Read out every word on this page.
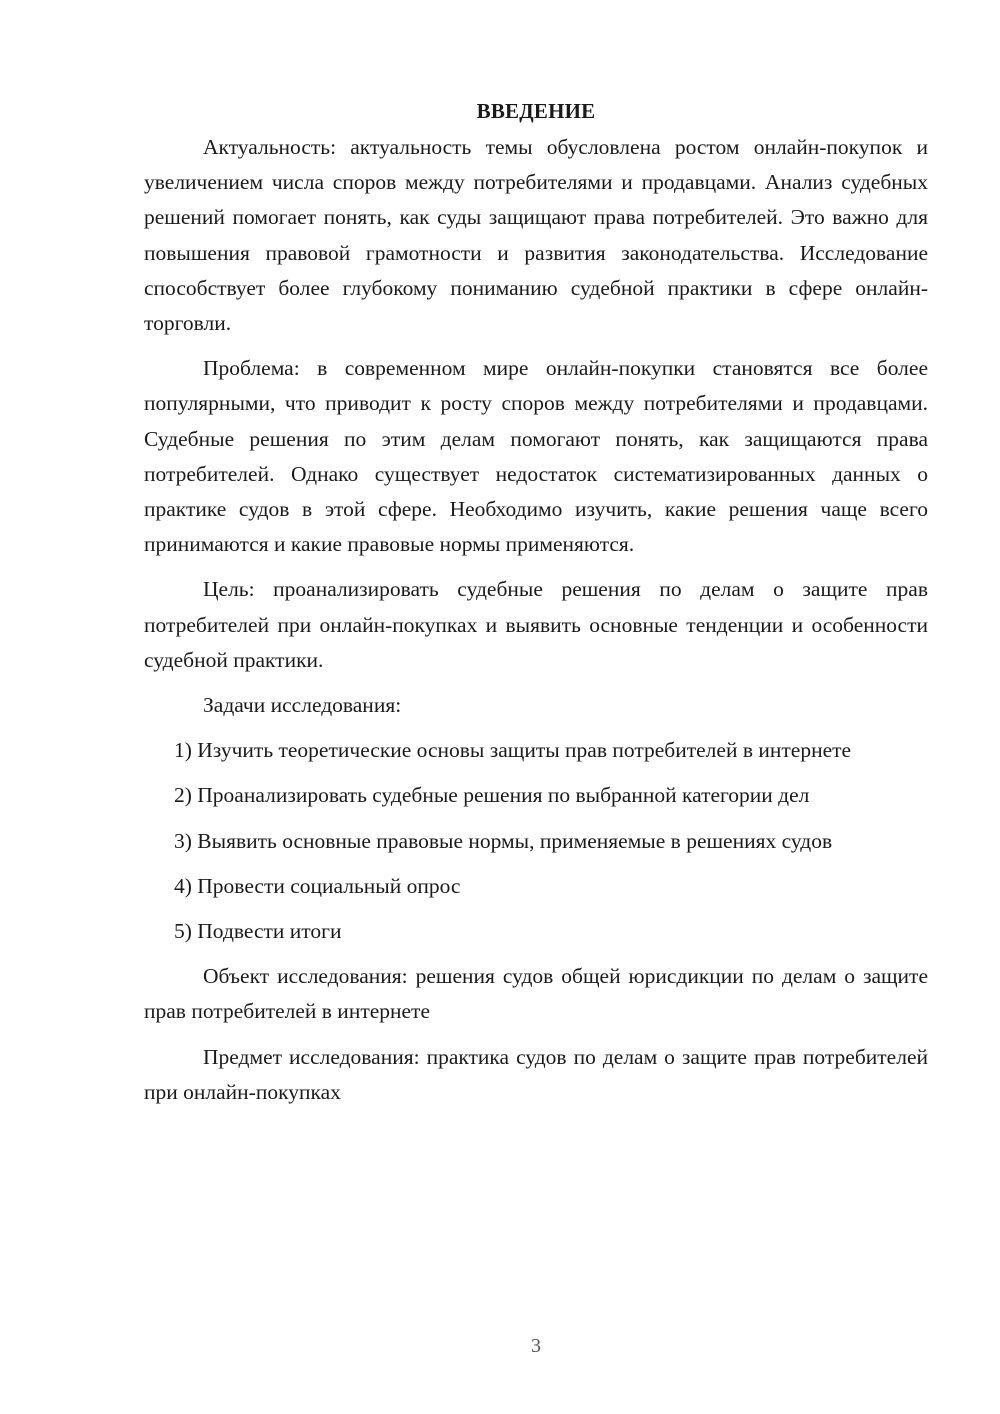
ВВЕДЕНИЕ

Актуальность: актуальность темы обусловлена ростом онлайн-покупок и увеличением числа споров между потребителями и продавцами. Анализ судебных решений помогает понять, как суды защищают права потребителей. Это важно для повышения правовой грамотности и развития законодательства. Исследование способствует более глубокому пониманию судебной практики в сфере онлайн-торговли.

Проблема: в современном мире онлайн-покупки становятся все более популярными, что приводит к росту споров между потребителями и продавцами. Судебные решения по этим делам помогают понять, как защищаются права потребителей. Однако существует недостаток систематизированных данных о практике судов в этой сфере. Необходимо изучить, какие решения чаще всего принимаются и какие правовые нормы применяются.

Цель: проанализировать судебные решения по делам о защите прав потребителей при онлайн-покупках и выявить основные тенденции и особенности судебной практики.

Задачи исследования:

1) Изучить теоретические основы защиты прав потребителей в интернете

2) Проанализировать судебные решения по выбранной категории дел

3) Выявить основные правовые нормы, применяемые в решениях судов

4) Провести социальный опрос

5) Подвести итоги

Объект исследования: решения судов общей юрисдикции по делам о защите прав потребителей в интернете

Предмет исследования: практика судов по делам о защите прав потребителей при онлайн-покупках

3
